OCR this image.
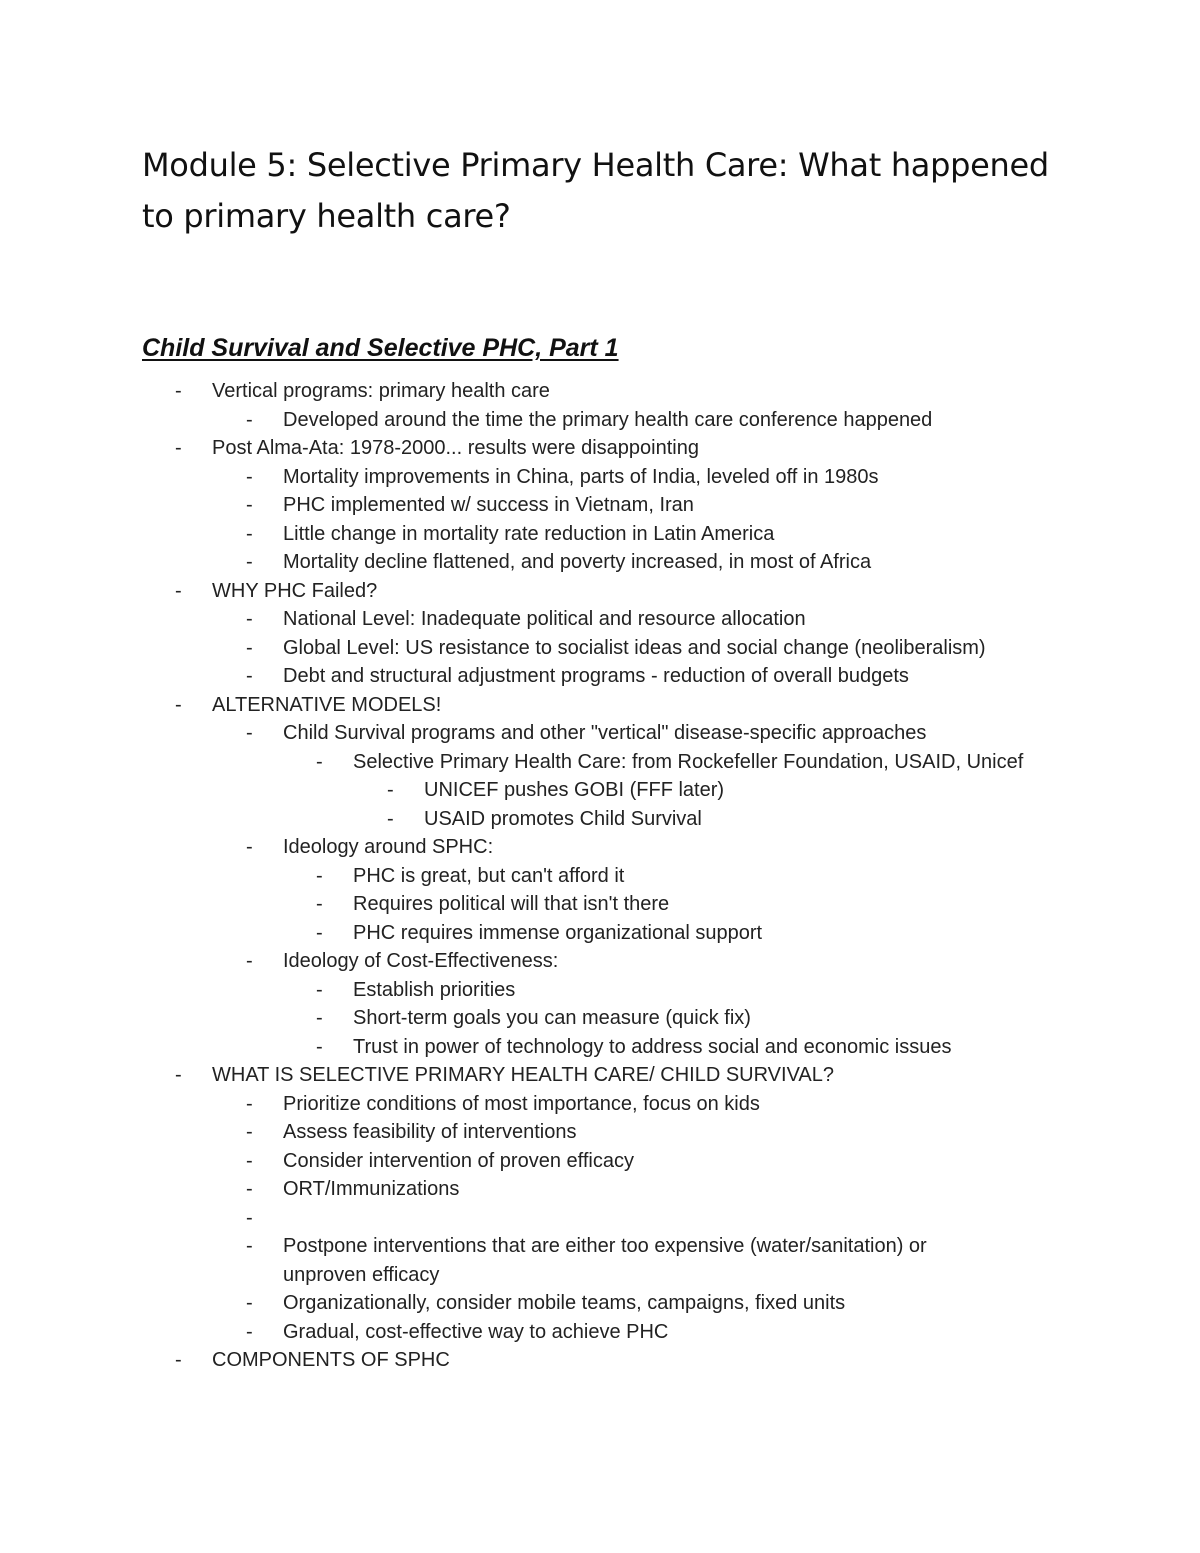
Module 5: Selective Primary Health Care: What happened to primary health care?
Child Survival and Selective PHC, Part 1
-	Vertical programs: primary health care
-	Developed around the time the primary health care conference happened
-	Post Alma-Ata: 1978-2000... results were disappointing
-	Mortality improvements in China, parts of India, leveled off in 1980s
-	PHC implemented w/ success in Vietnam, Iran
-	Little change in mortality rate reduction in Latin America
-	Mortality decline flattened, and poverty increased, in most of Africa
-	WHY PHC Failed?
-	National Level: Inadequate political and resource allocation
-	Global Level: US resistance to socialist ideas and social change (neoliberalism)
-	Debt and structural adjustment programs - reduction of overall budgets
-	ALTERNATIVE MODELS!
-	Child Survival programs and other "vertical" disease-specific approaches
-	Selective Primary Health Care: from Rockefeller Foundation, USAID, Unicef
-	UNICEF pushes GOBI (FFF later)
-	USAID promotes Child Survival
-	Ideology around SPHC:
-	PHC is great, but can't afford it
-	Requires political will that isn't there
-	PHC requires immense organizational support
-	Ideology of Cost-Effectiveness:
-	Establish priorities
-	Short-term goals you can measure (quick fix)
-	Trust in power of technology to address social and economic issues
-	WHAT IS SELECTIVE PRIMARY HEALTH CARE/ CHILD SURVIVAL?
-	Prioritize conditions of most importance, focus on kids
-	Assess feasibility of interventions
-	Consider intervention of proven efficacy
-	ORT/Immunizations
-
-	Postpone interventions that are either too expensive (water/sanitation) or unproven efficacy
-	Organizationally, consider mobile teams, campaigns, fixed units
-	Gradual, cost-effective way to achieve PHC
-	COMPONENTS OF SPHC
